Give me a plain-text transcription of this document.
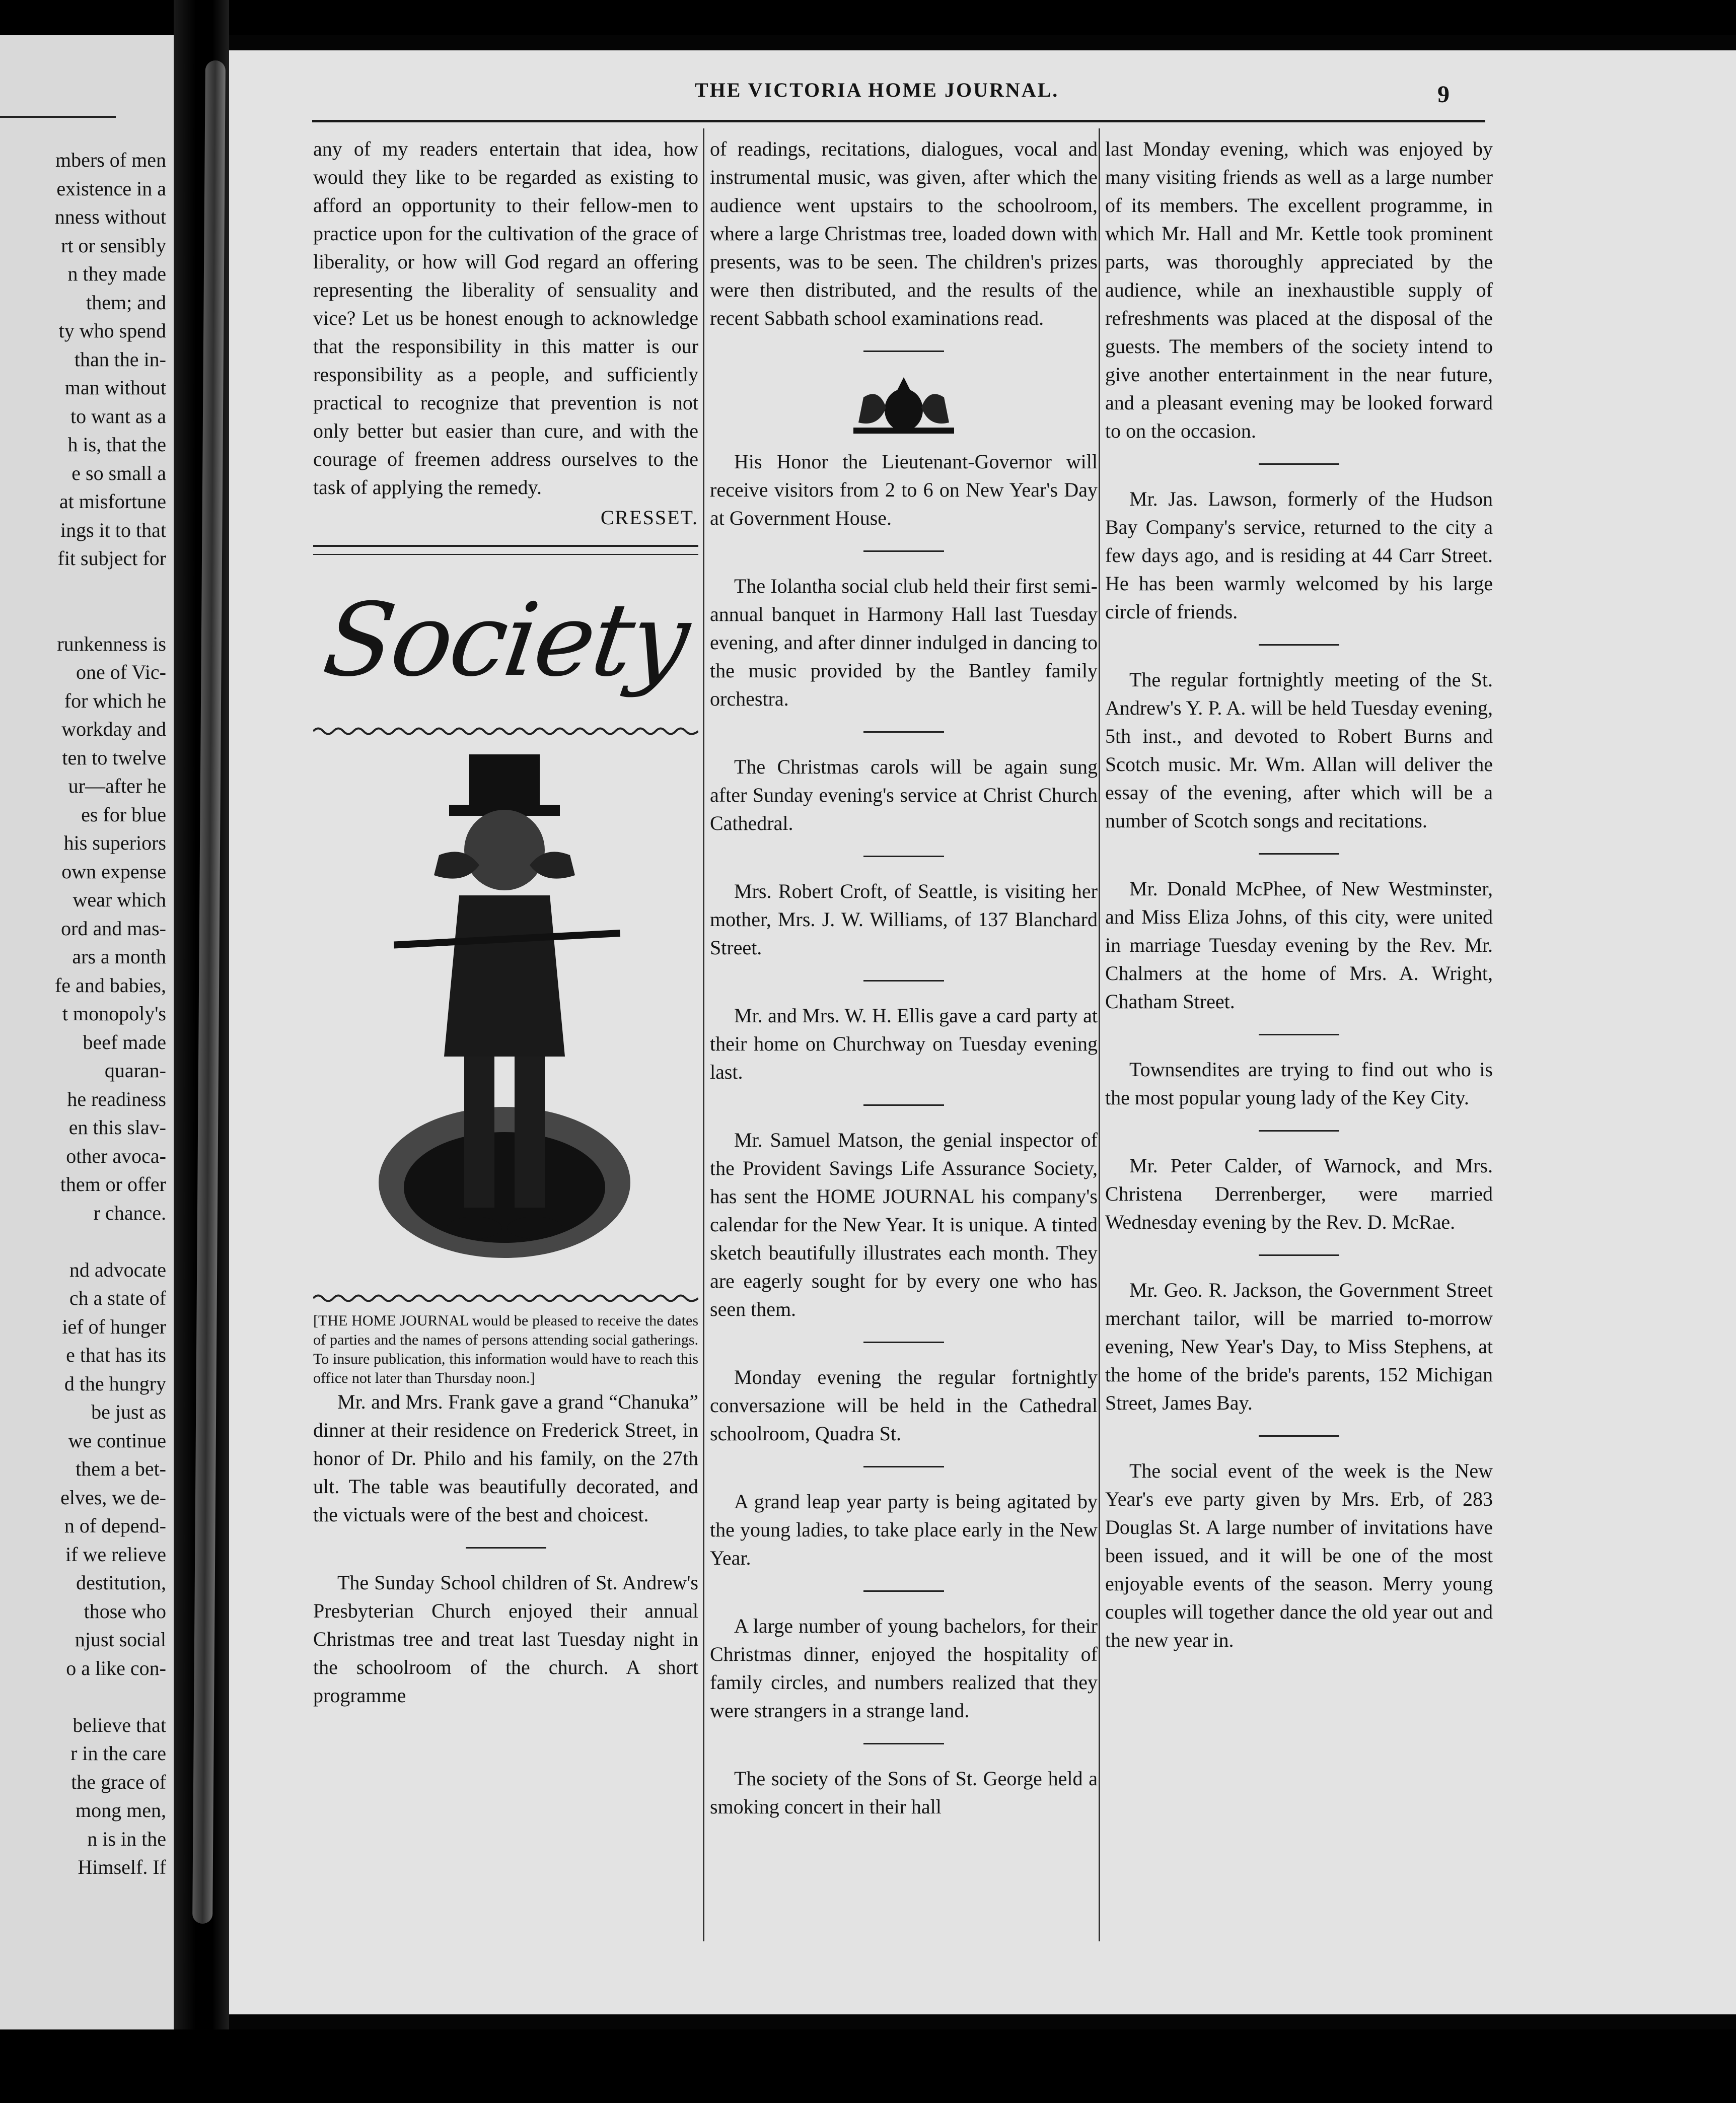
mbers of men
existence in a
nness without
rt or sensibly
n they made
them; and
ty who spend
than the in-
man without
to want as a
h is, that the
e so small a
at misfortune
ings it to that
fit subject for
runkenness is
one of Vic-
for which he
workday and
ten to twelve
ur—after he
es for blue
his superiors
own expense
wear which
ord and mas-
ars a month
fe and babies,
t monopoly's
beef made
quaran-
he readiness
en this slav-
other avoca-
them or offer
r chance.
nd advocate
ch a state of
ief of hunger
e that has its
d the hungry
be just as
we continue
them a bet-
elves, we de-
n of depend-
if we relieve
destitution,
those who
njust social
o a like con-
believe that
r in the care
the grace of
mong men,
n is in the
Himself. If
THE VICTORIA HOME JOURNAL.	9

any of my readers entertain that idea, how would they like to be regarded as existing to afford an opportunity to their fellow-men to practice upon for the cultivation of the grace of liberality, or how will God regard an offering representing the liberality of sensuality and vice? Let us be honest enough to acknowledge that the responsibility in this matter is our responsibility as a people, and sufficiently practical to recognize that prevention is not only better but easier than cure, and with the courage of freemen address ourselves to the task of applying the remedy.

CRESSET.
Society

[THE HOME JOURNAL would be pleased to receive the dates of parties and the names of persons attending social gatherings. To insure publication, this information would have to reach this office not later than Thursday noon.]

Mr. and Mrs. Frank gave a grand “Chanuka” dinner at their residence on Frederick Street, in honor of Dr. Philo and his family, on the 27th ult. The table was beautifully decorated, and the victuals were of the best and choicest.

The Sunday School children of St. Andrew's Presbyterian Church enjoyed their annual Christmas tree and treat last Tuesday night in the schoolroom of the church. A short programme

of readings, recitations, dialogues, vocal and instrumental music, was given, after which the audience went upstairs to the schoolroom, where a large Christmas tree, loaded down with presents, was to be seen. The children's prizes were then distributed, and the results of the recent Sabbath school examinations read.

His Honor the Lieutenant-Governor will receive visitors from 2 to 6 on New Year's Day at Government House.

The Iolantha social club held their first semi-annual banquet in Harmony Hall last Tuesday evening, and after dinner indulged in dancing to the music provided by the Bantley family orchestra.

The Christmas carols will be again sung after Sunday evening's service at Christ Church Cathedral.

Mrs. Robert Croft, of Seattle, is visiting her mother, Mrs. J. W. Williams, of 137 Blanchard Street.

Mr. and Mrs. W. H. Ellis gave a card party at their home on Churchway on Tuesday evening last.

Mr. Samuel Matson, the genial inspector of the Provident Savings Life Assurance Society, has sent the HOME JOURNAL his company's calendar for the New Year. It is unique. A tinted sketch beautifully illustrates each month. They are eagerly sought for by every one who has seen them.

Monday evening the regular fortnightly conversazione will be held in the Cathedral schoolroom, Quadra St.

A grand leap year party is being agitated by the young ladies, to take place early in the New Year.

A large number of young bachelors, for their Christmas dinner, enjoyed the hospitality of family circles, and numbers realized that they were strangers in a strange land.

The society of the Sons of St. George held a smoking concert in their hall

last Monday evening, which was enjoyed by many visiting friends as well as a large number of its members. The excellent programme, in which Mr. Hall and Mr. Kettle took prominent parts, was thoroughly appreciated by the audience, while an inexhaustible supply of refreshments was placed at the disposal of the guests. The members of the society intend to give another entertainment in the near future, and a pleasant evening may be looked forward to on the occasion.

Mr. Jas. Lawson, formerly of the Hudson Bay Company's service, returned to the city a few days ago, and is residing at 44 Carr Street. He has been warmly welcomed by his large circle of friends.

The regular fortnightly meeting of the St. Andrew's Y. P. A. will be held Tuesday evening, 5th inst., and devoted to Robert Burns and Scotch music. Mr. Wm. Allan will deliver the essay of the evening, after which will be a number of Scotch songs and recitations.

Mr. Donald McPhee, of New Westminster, and Miss Eliza Johns, of this city, were united in marriage Tuesday evening by the Rev. Mr. Chalmers at the home of Mrs. A. Wright, Chatham Street.

Townsendites are trying to find out who is the most popular young lady of the Key City.

Mr. Peter Calder, of Warnock, and Mrs. Christena Derrenberger, were married Wednesday evening by the Rev. D. McRae.

Mr. Geo. R. Jackson, the Government Street merchant tailor, will be married to-morrow evening, New Year's Day, to Miss Stephens, at the home of the bride's parents, 152 Michigan Street, James Bay.

The social event of the week is the New Year's eve party given by Mrs. Erb, of 283 Douglas St. A large number of invitations have been issued, and it will be one of the most enjoyable events of the season. Merry young couples will together dance the old year out and the new year in.
